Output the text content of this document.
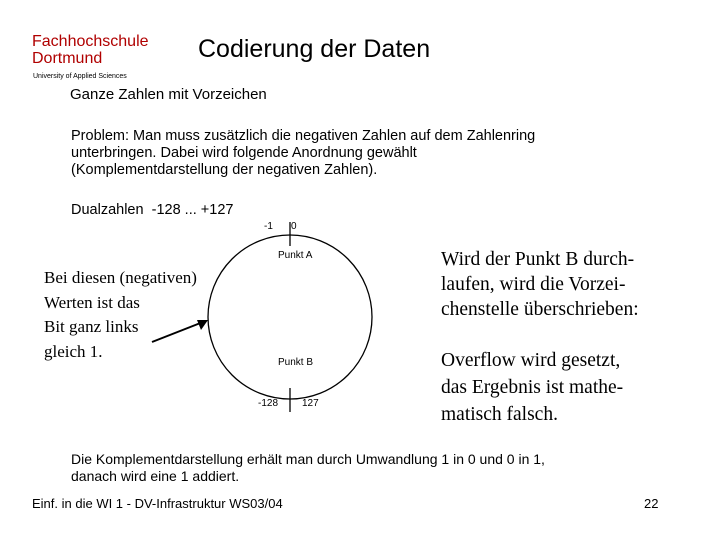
Fachhochschule
Dortmund
University of Applied Sciences
Codierung der Daten
Ganze Zahlen mit Vorzeichen
Problem: Man muss zusätzlich die negativen Zahlen auf dem Zahlenring
unterbringen. Dabei wird folgende Anordnung gewählt
(Komplementdarstellung der negativen Zahlen).
Dualzahlen -128 ... +127
-1 0
Punkt A
Punkt B
-128 127
Bei diesen (negativen)
Werten ist das
Bit ganz links
gleich 1.
Wird der Punkt B durch-
laufen, wird die Vorzei-
chenstelle überschrieben:
Overflow wird gesetzt,
das Ergebnis ist mathe-
matisch falsch.
Die Komplementdarstellung erhält man durch Umwandlung 1 in 0 und 0 in 1,
danach wird eine 1 addiert.
Einf. in die WI 1 - DV-Infrastruktur WS03/04	22
